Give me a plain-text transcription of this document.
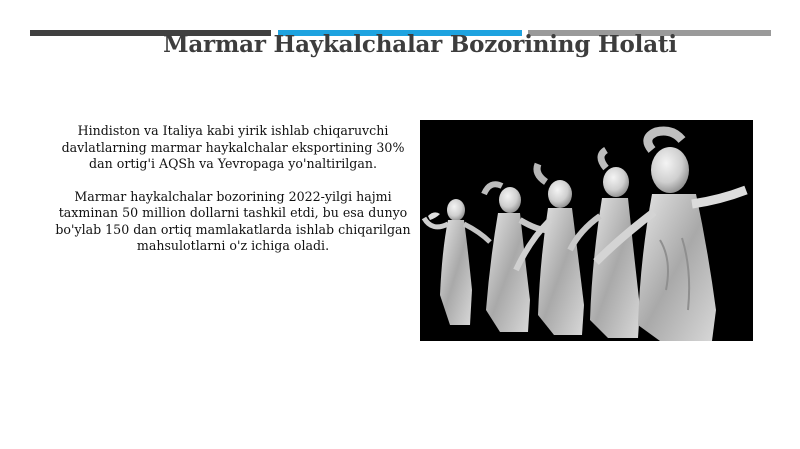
Marmar Haykalchalar Bozorining Holati

Hindiston va Italiya kabi yirik ishlab chiqaruvchi davlatlarning marmar haykalchalar eksportining 30% dan ortig'i AQSh va Yevropaga yo'naltirilgan.

Marmar haykalchalar bozorining 2022-yilgi hajmi taxminan 50 million dollarni tashkil etdi, bu esa dunyo bo'ylab 150 dan ortiq mamlakatlarda ishlab chiqarilgan mahsulotlarni o'z ichiga oladi.
